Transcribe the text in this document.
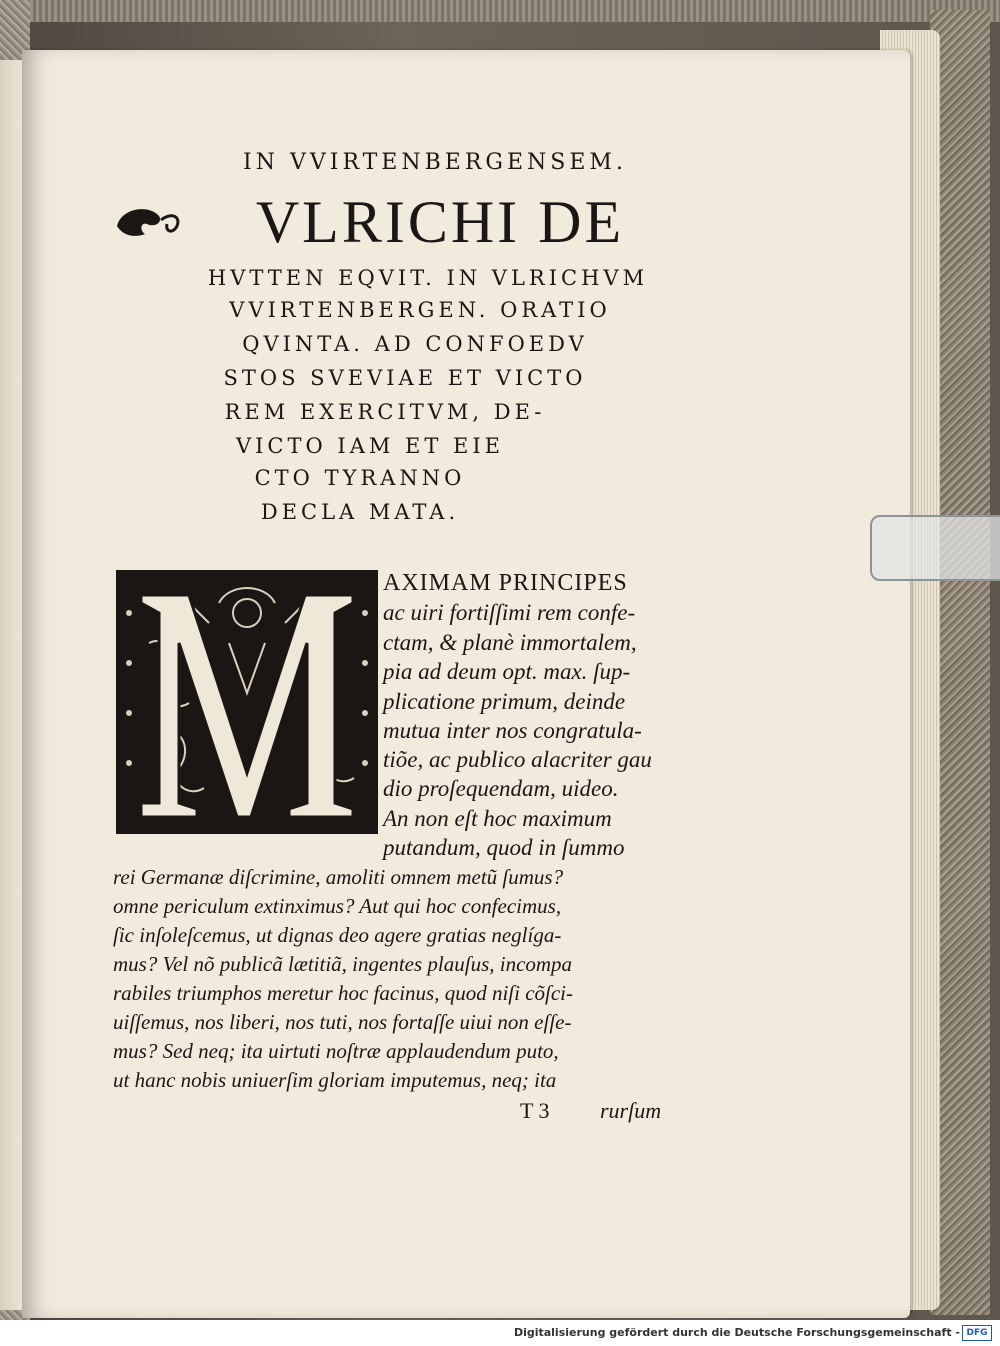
IN VVIRTENBERGENSEM.
VLRICHI DE
HVTTEN EQVIT. IN VLRICHVM
VVIRTENBERGEN. ORATIO
QVINTA. AD CONFOEDV
STOS SVEVIAE ET VICTO
REM EXERCITVM, DE-
VICTO IAM ET EIE
CTO TYRANNO
DECLA MATA.
AXIMAM PRINCIPES
ac uiri fortiſſimi rem confe-
ctam, & planè immortalem,
pia ad deum opt. max. ſup-
plicatione primum, deinde
mutua inter nos congratula-
tiõe, ac publico alacriter gau
dio proſequendam, uideo.
An non eſt hoc maximum
putandum, quod in ſummo
rei Germanæ diſcrimine, amoliti omnem metũ ſumus?
omne periculum extinximus? Aut qui hoc confecimus,
ſic inſoleſcemus, ut dignas deo agere gratias neglíga-
mus? Vel nõ publicã lætitiã, ingentes plauſus, incompa
rabiles triumphos meretur hoc facinus, quod niſi cõſci-
uiſſemus, nos liberi, nos tuti, nos fortaſſe uiui non eſſe-
mus? Sed neq; ita uirtuti noſtræ applaudendum puto,
ut hanc nobis uniuerſim gloriam imputemus, neq; ita
T 3 rurſum
Digitalisierung gefördert durch die Deutsche Forschungsgemeinschaft - DFG
